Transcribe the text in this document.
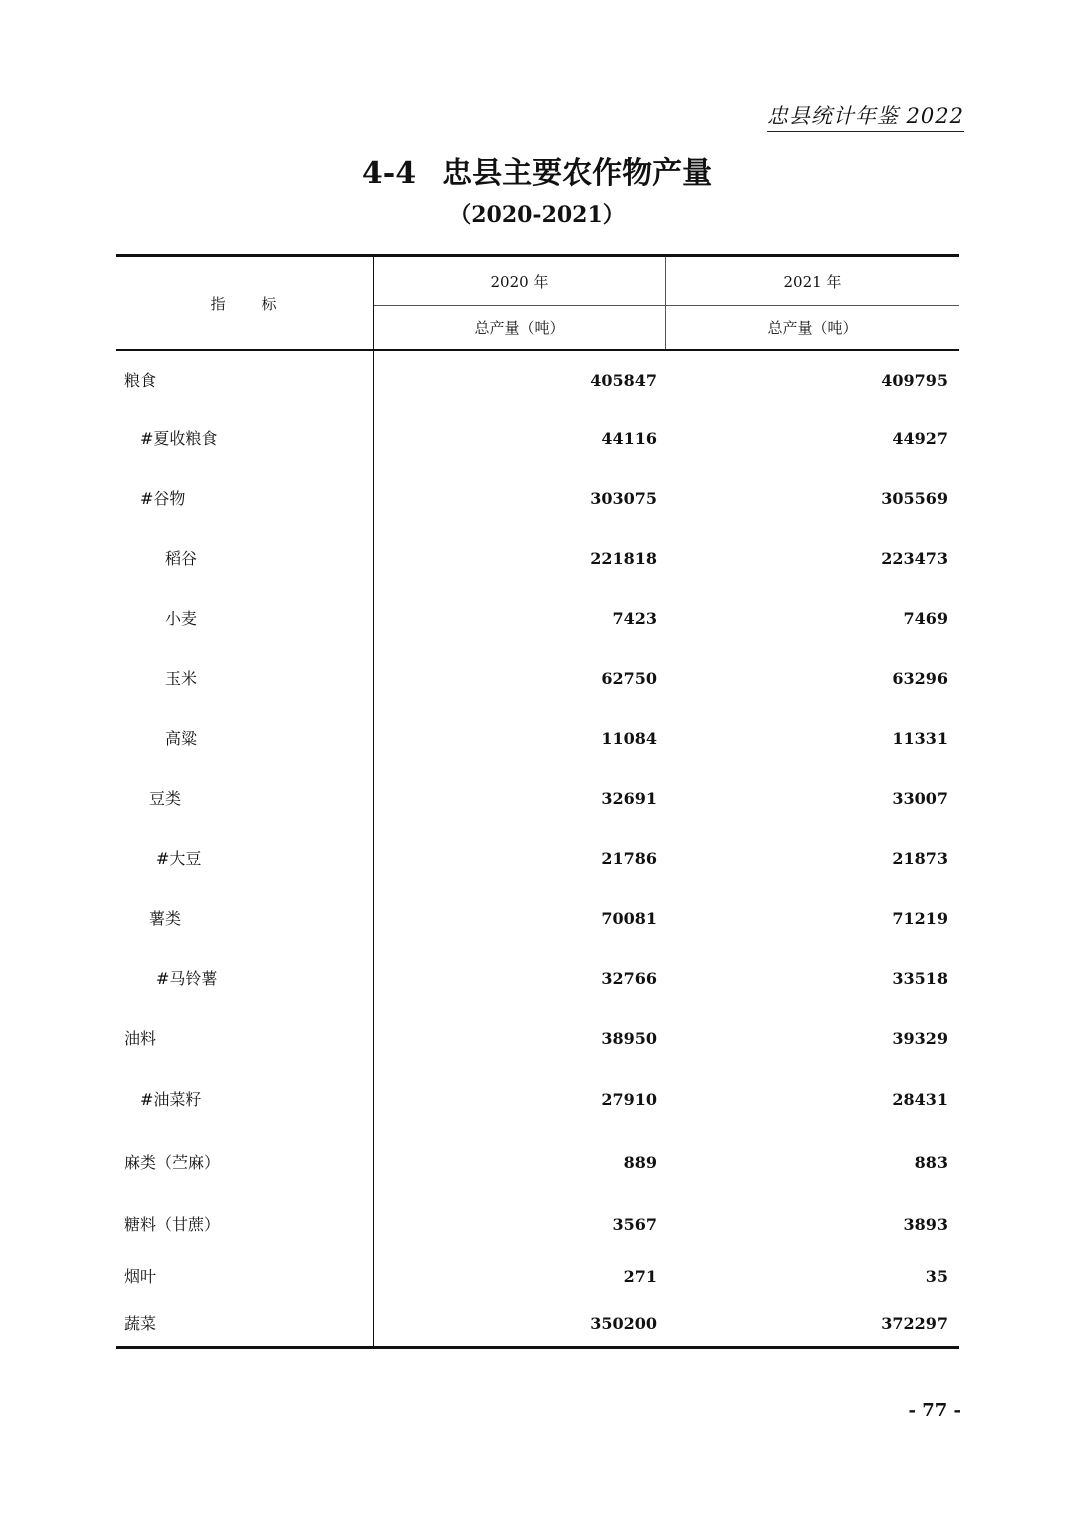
忠县统计年鉴 2022
4-4 忠县主要农作物产量
（2020-2021）
指　　标
2020 年	2021 年
总产量（吨）	总产量（吨）
粮食	405847	409795
#夏收粮食	44116	44927
#谷物	303075	305569
稻谷	221818	223473
小麦	7423	7469
玉米	62750	63296
高粱	11084	11331
豆类	32691	33007
#大豆	21786	21873
薯类	70081	71219
#马铃薯	32766	33518
油料	38950	39329
#油菜籽	27910	28431
麻类（苎麻）	889	883
糖料（甘蔗）	3567	3893
烟叶	271	35
蔬菜	350200	372297
- 77 -
